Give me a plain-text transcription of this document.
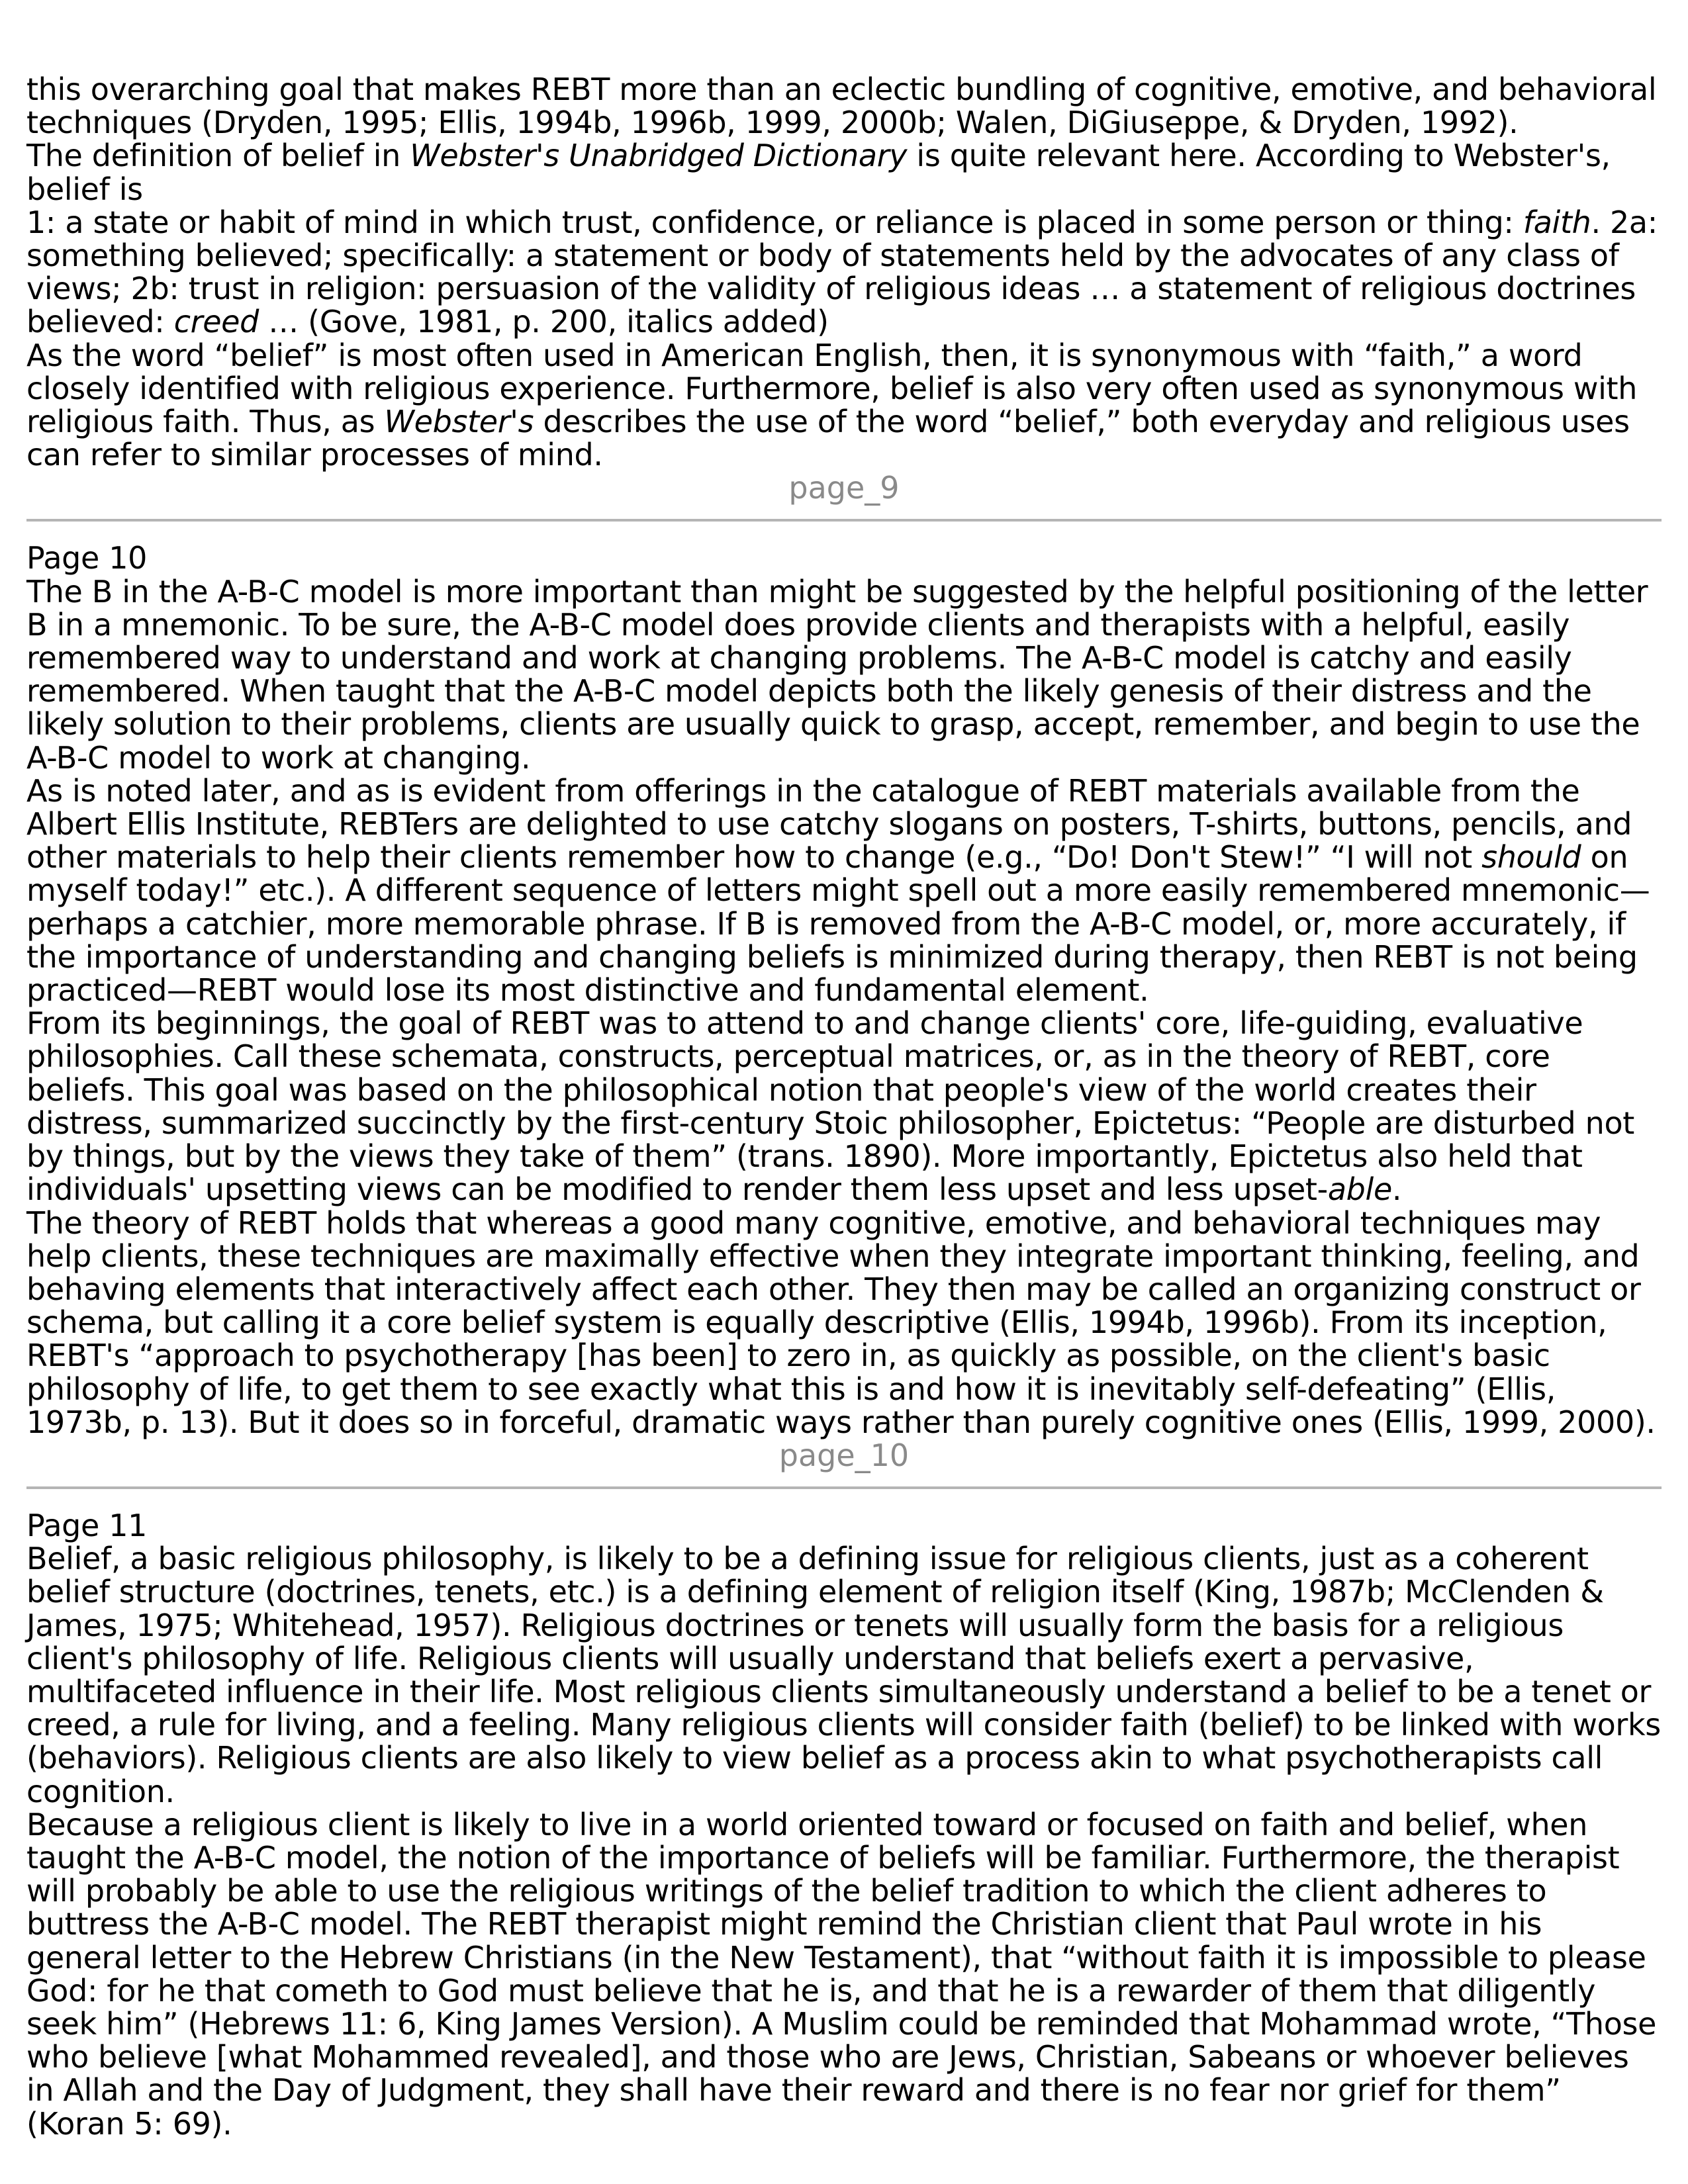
this overarching goal that makes REBT more than an eclectic bundling of cognitive, emotive, and behavioral techniques (Dryden, 1995; Ellis, 1994b, 1996b, 1999, 2000b; Walen, DiGiuseppe, & Dryden, 1992).

The definition of belief in Webster's Unabridged Dictionary is quite relevant here. According to Webster's, belief is

1: a state or habit of mind in which trust, confidence, or reliance is placed in some person or thing: faith. 2a: something believed; specifically: a statement or body of statements held by the advocates of any class of views; 2b: trust in religion: persuasion of the validity of religious ideas … a statement of religious doctrines believed: creed … (Gove, 1981, p. 200, italics added)

As the word “belief” is most often used in American English, then, it is synonymous with “faith,” a word closely identified with religious experience. Furthermore, belief is also very often used as synonymous with religious faith. Thus, as Webster's describes the use of the word “belief,” both everyday and religious uses can refer to similar processes of mind.

page_9
Page 10

The B in the A-B-C model is more important than might be suggested by the helpful positioning of the letter B in a mnemonic. To be sure, the A-B-C model does provide clients and therapists with a helpful, easily remembered way to understand and work at changing problems. The A-B-C model is catchy and easily remembered. When taught that the A-B-C model depicts both the likely genesis of their distress and the likely solution to their problems, clients are usually quick to grasp, accept, remember, and begin to use the A-B-C model to work at changing.

As is noted later, and as is evident from offerings in the catalogue of REBT materials available from the Albert Ellis Institute, REBTers are delighted to use catchy slogans on posters, T-shirts, buttons, pencils, and other materials to help their clients remember how to change (e.g., “Do! Don't Stew!” “I will not should on myself today!” etc.). A different sequence of letters might spell out a more easily remembered mnemonic—perhaps a catchier, more memorable phrase. If B is removed from the A-B-C model, or, more accurately, if the importance of understanding and changing beliefs is minimized during therapy, then REBT is not being practiced—REBT would lose its most distinctive and fundamental element.

From its beginnings, the goal of REBT was to attend to and change clients' core, life-guiding, evaluative philosophies. Call these schemata, constructs, perceptual matrices, or, as in the theory of REBT, core beliefs. This goal was based on the philosophical notion that people's view of the world creates their distress, summarized succinctly by the first-century Stoic philosopher, Epictetus: “People are disturbed not by things, but by the views they take of them” (trans. 1890). More importantly, Epictetus also held that individuals' upsetting views can be modified to render them less upset and less upset-able.

The theory of REBT holds that whereas a good many cognitive, emotive, and behavioral techniques may help clients, these techniques are maximally effective when they integrate important thinking, feeling, and behaving elements that interactively affect each other. They then may be called an organizing construct or schema, but calling it a core belief system is equally descriptive (Ellis, 1994b, 1996b). From its inception, REBT's “approach to psychotherapy [has been] to zero in, as quickly as possible, on the client's basic philosophy of life, to get them to see exactly what this is and how it is inevitably self-defeating” (Ellis, 1973b, p. 13). But it does so in forceful, dramatic ways rather than purely cognitive ones (Ellis, 1999, 2000).

page_10
Page 11

Belief, a basic religious philosophy, is likely to be a defining issue for religious clients, just as a coherent belief structure (doctrines, tenets, etc.) is a defining element of religion itself (King, 1987b; McClenden & James, 1975; Whitehead, 1957). Religious doctrines or tenets will usually form the basis for a religious client's philosophy of life. Religious clients will usually understand that beliefs exert a pervasive, multifaceted influence in their life. Most religious clients simultaneously understand a belief to be a tenet or creed, a rule for living, and a feeling. Many religious clients will consider faith (belief) to be linked with works (behaviors). Religious clients are also likely to view belief as a process akin to what psychotherapists call cognition.

Because a religious client is likely to live in a world oriented toward or focused on faith and belief, when taught the A-B-C model, the notion of the importance of beliefs will be familiar. Furthermore, the therapist will probably be able to use the religious writings of the belief tradition to which the client adheres to buttress the A-B-C model. The REBT therapist might remind the Christian client that Paul wrote in his general letter to the Hebrew Christians (in the New Testament), that “without faith it is impossible to please God: for he that cometh to God must believe that he is, and that he is a rewarder of them that diligently seek him” (Hebrews 11: 6, King James Version). A Muslim could be reminded that Mohammad wrote, “Those who believe [what Mohammed revealed], and those who are Jews, Christian, Sabeans or whoever believes in Allah and the Day of Judgment, they shall have their reward and there is no fear nor grief for them” (Koran 5: 69).
